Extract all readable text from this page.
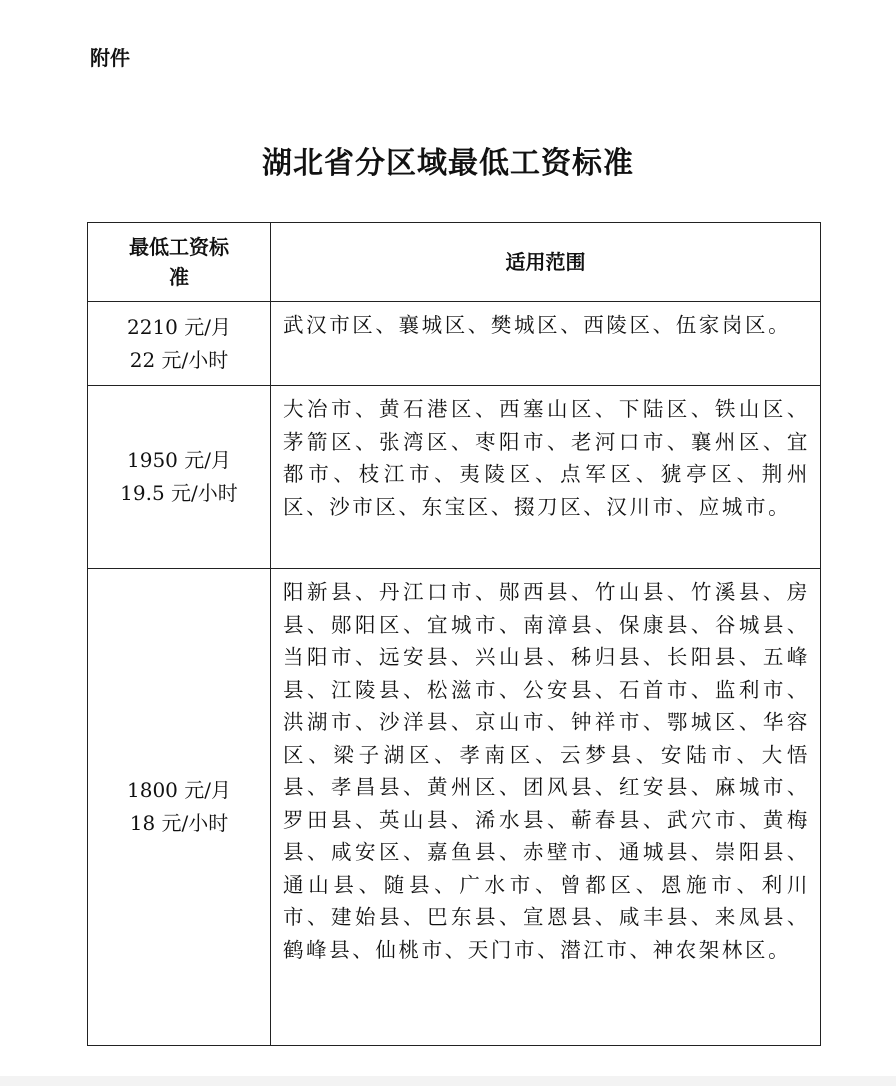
附件
湖北省分区域最低工资标准
最低工资标准	适用范围

2210 元/月
22 元/小时	武汉市区、襄城区、樊城区、西陵区、伍家岗区。

1950 元/月
19.5 元/小时	大冶市、黄石港区、西塞山区、下陆区、铁山区、茅箭区、张湾区、枣阳市、老河口市、襄州区、宜都市、枝江市、夷陵区、点军区、猇亭区、荆州区、沙市区、东宝区、掇刀区、汉川市、应城市。

1800 元/月
18 元/小时	阳新县、丹江口市、郧西县、竹山县、竹溪县、房县、郧阳区、宜城市、南漳县、保康县、谷城县、当阳市、远安县、兴山县、秭归县、长阳县、五峰县、江陵县、松滋市、公安县、石首市、监利市、洪湖市、沙洋县、京山市、钟祥市、鄂城区、华容区、梁子湖区、孝南区、云梦县、安陆市、大悟县、孝昌县、黄州区、团风县、红安县、麻城市、罗田县、英山县、浠水县、蕲春县、武穴市、黄梅县、咸安区、嘉鱼县、赤壁市、通城县、崇阳县、通山县、随县、广水市、曾都区、恩施市、利川市、建始县、巴东县、宣恩县、咸丰县、来凤县、鹤峰县、仙桃市、天门市、潜江市、神农架林区。
